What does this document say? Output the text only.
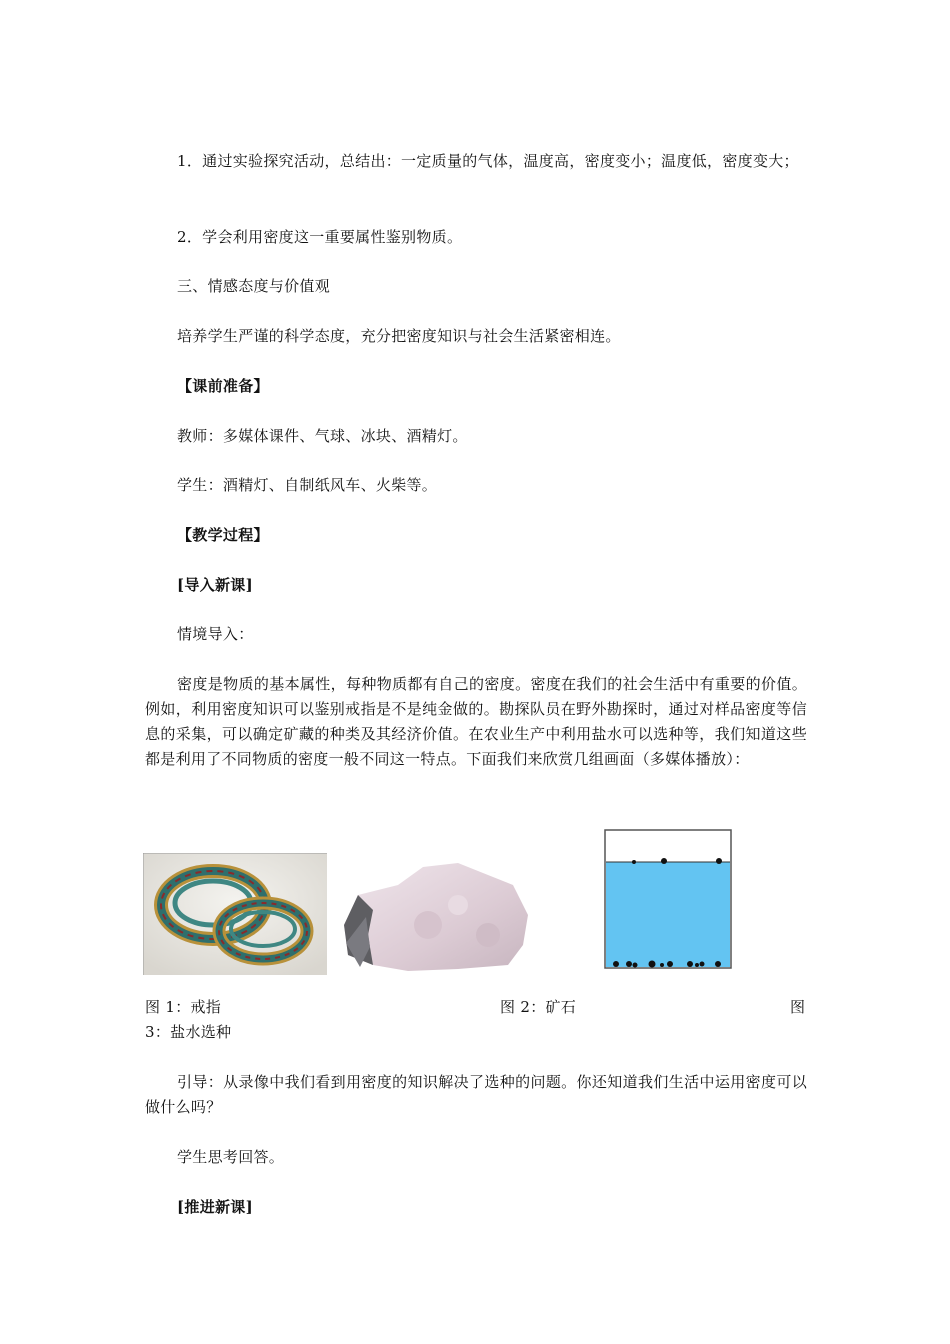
1．通过实验探究活动，总结出：一定质量的气体，温度高，密度变小；温度低，密度变大；

2．学会利用密度这一重要属性鉴别物质。

三、情感态度与价值观

培养学生严谨的科学态度，充分把密度知识与社会生活紧密相连。

【课前准备】

教师：多媒体课件、气球、冰块、酒精灯。

学生：酒精灯、自制纸风车、火柴等。

【教学过程】

[导入新课]

情境导入：

密度是物质的基本属性，每种物质都有自己的密度。密度在我们的社会生活中有重要的价值。例如，利用密度知识可以鉴别戒指是不是纯金做的。勘探队员在野外勘探时，通过对样品密度等信息的采集，可以确定矿藏的种类及其经济价值。在农业生产中利用盐水可以选种等，我们知道这些都是利用了不同物质的密度一般不同这一特点。下面我们来欣赏几组画面（多媒体播放）：

图 1：戒指	图 2：矿石	图
3：盐水选种

引导：从录像中我们看到用密度的知识解决了选种的问题。你还知道我们生活中运用密度可以做什么吗？

学生思考回答。

[推进新课]
